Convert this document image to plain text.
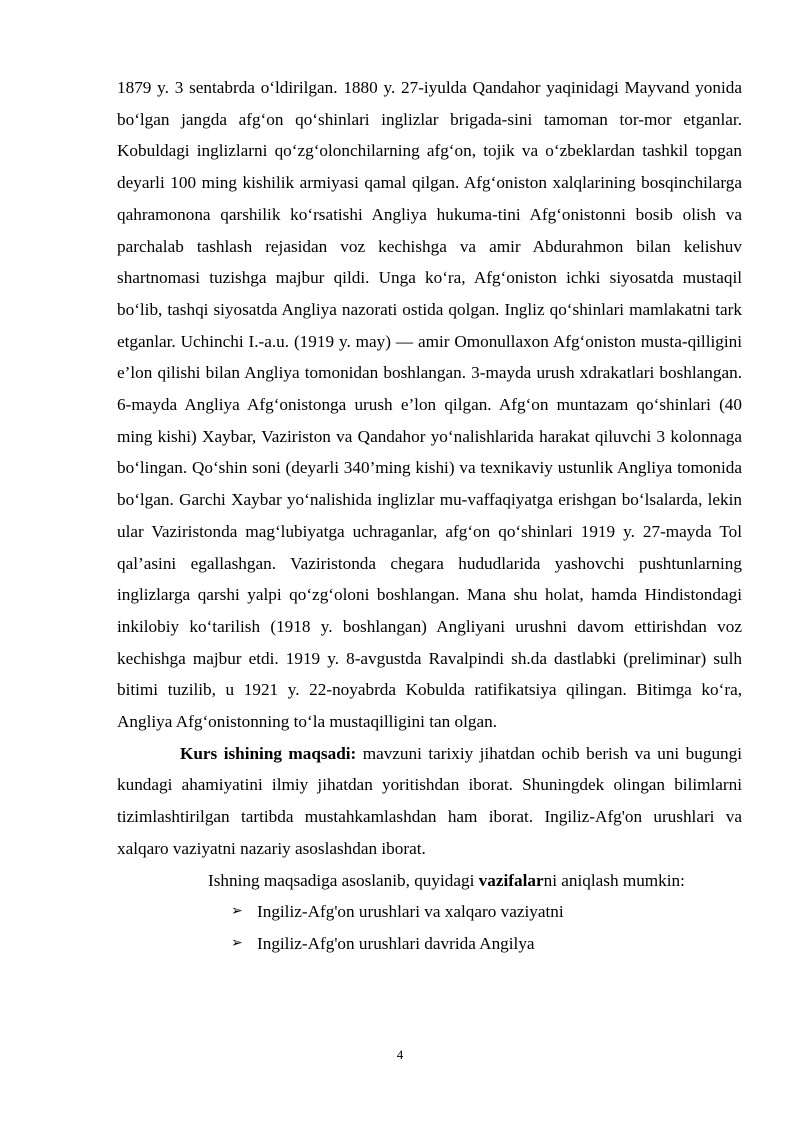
1879 y. 3 sentabrda oʻldirilgan. 1880 y. 27-iyulda Qandahor yaqinidagi Mayvand yonida boʻlgan jangda afgʻon qoʻshinlari inglizlar brigada-sini tamoman tor-mor etganlar. Kobuldagi inglizlarni qoʻzgʻolonchilarning afgʻon, tojik va oʻzbeklardan tashkil topgan deyarli 100 ming kishilik armiyasi qamal qilgan. Afgʻoniston xalqlarining bosqinchilarga qahramonona qarshilik koʻrsatishi Angliya hukuma-tini Afgʻonistonni bosib olish va parchalab tashlash rejasidan voz kechishga va amir Abdurahmon bilan kelishuv shartnomasi tuzishga majbur qildi. Unga koʻra, Afgʻoniston ichki siyosatda mustaqil boʻlib, tashqi siyosatda Angliya nazorati ostida qolgan. Ingliz qoʻshinlari mamlakatni tark etganlar. Uchinchi I.-a.u. (1919 y. may) — amir Omonullaxon Afgʻoniston musta-qilligini e’lon qilishi bilan Angliya tomonidan boshlangan. 3-mayda urush xdrakatlari boshlangan. 6-mayda Angliya Afgʻonistonga urush e’lon qilgan. Afgʻon muntazam qoʻshinlari (40 ming kishi) Xaybar, Vaziriston va Qandahor yoʻnalishlarida harakat qiluvchi 3 kolonnaga boʻlingan. Qoʻshin soni (deyarli 340’ming kishi) va texnikaviy ustunlik Angliya tomonida boʻlgan. Garchi Xaybar yoʻnalishida inglizlar mu-vaffaqiyatga erishgan boʻlsalarda, lekin ular Vaziristonda magʻlubiyatga uchraganlar, afgʻon qoʻshinlari 1919 y. 27-mayda Tol qal’asini egallashgan. Vaziristonda chegara hududlarida yashovchi pushtunlarning inglizlarga qarshi yalpi qoʻzgʻoloni boshlangan. Mana shu holat, hamda Hindistondagi inkilobiy koʻtarilish (1918 y. boshlangan) Angliyani urushni davom ettirishdan voz kechishga majbur etdi. 1919 y. 8-avgustda Ravalpindi sh.da dastlabki (preliminar) sulh bitimi tuzilib, u 1921 y. 22-noyabrda Kobulda ratifikatsiya qilingan. Bitimga koʻra, Angliya Afgʻonistonning toʻla mustaqilligini tan olgan.

Kurs ishining maqsadi: mavzuni tarixiy jihatdan ochib berish va uni bugungi kundagi ahamiyatini ilmiy jihatdan yoritishdan iborat. Shuningdek olingan bilimlarni tizimlashtirilgan tartibda mustahkamlashdan ham iborat. Ingiliz-Afg'on urushlari va xalqaro vaziyatni nazariy asoslashdan iborat.

Ishning maqsadiga asoslanib, quyidagi vazifalarni aniqlash mumkin:

➢ Ingiliz-Afg'on urushlari va xalqaro vaziyatni
➢ Ingiliz-Afg'on urushlari davrida Angilya
4
